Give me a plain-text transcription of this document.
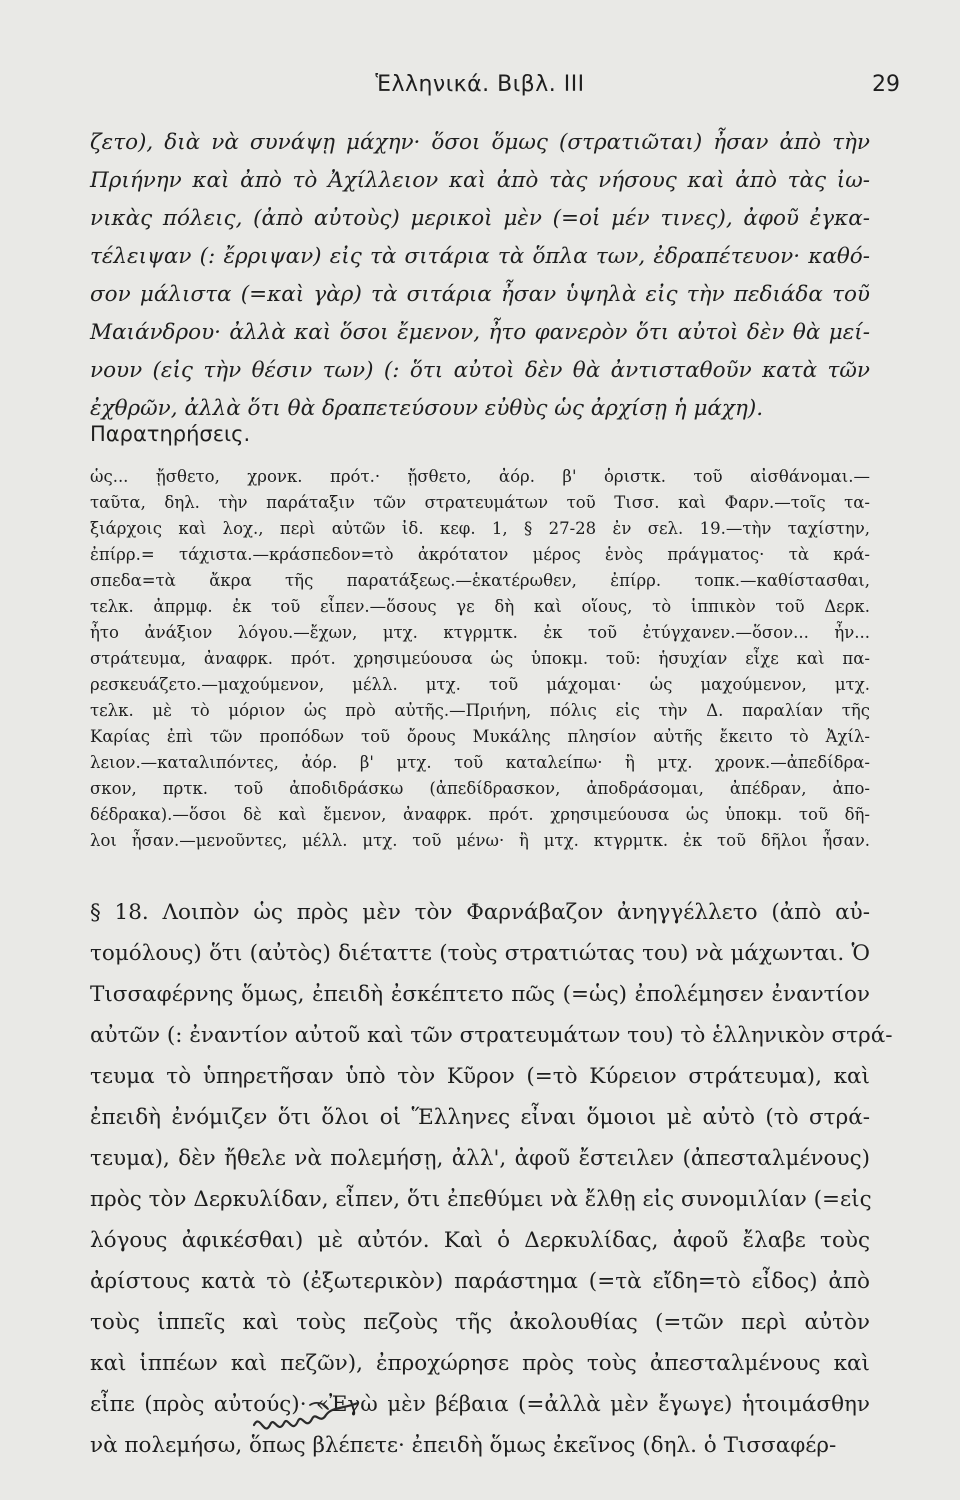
Ἑλληνικά. Βιβλ. ΙΙΙ	29
ζετο), διὰ νὰ συνάψῃ μάχην· ὅσοι ὅμως (στρατιῶται) ἦσαν ἀπὸ τὴν
Πριήνην καὶ ἀπὸ τὸ Ἀχίλλειον καὶ ἀπὸ τὰς νήσους καὶ ἀπὸ τὰς ἰω-
νικὰς πόλεις, (ἀπὸ αὐτοὺς) μερικοὶ μὲν (=οἱ μέν τινες), ἀφοῦ ἐγκα-
τέλειψαν (: ἔρριψαν) εἰς τὰ σιτάρια τὰ ὅπλα των, ἐδραπέτευον· καθό-
σον μάλιστα (=καὶ γὰρ) τὰ σιτάρια ἦσαν ὑψηλὰ εἰς τὴν πεδιάδα τοῦ
Μαιάνδρου· ἀλλὰ καὶ ὅσοι ἔμενον, ἦτο φανερὸν ὅτι αὐτοὶ δὲν θὰ μεί-
νουν (εἰς τὴν θέσιν των) (: ὅτι αὐτοὶ δὲν θὰ ἀντισταθοῦν κατὰ τῶν
ἐχθρῶν, ἀλλὰ ὅτι θὰ δραπετεύσουν εὐθὺς ὡς ἀρχίσῃ ἡ μάχη).
Παρατηρήσεις.
ὡς... ᾔσθετο, χρονκ. πρότ.· ᾔσθετο, ἀόρ. β' ὁριστκ. τοῦ αἰσθάνομαι.—
ταῦτα, δηλ. τὴν παράταξιν τῶν στρατευμάτων τοῦ Τισσ. καὶ Φαρν.—τοῖς τα-
ξιάρχοις καὶ λοχ., περὶ αὐτῶν ἰδ. κεφ. 1, § 27-28 ἐν σελ. 19.—τὴν ταχίστην,
ἐπίρρ.= τάχιστα.—κράσπεδον=τὸ ἀκρότατον μέρος ἑνὸς πράγματος· τὰ κρά-
σπεδα=τὰ ἄκρα τῆς παρατάξεως.—ἑκατέρωθεν, ἐπίρρ. τοπκ.—καθίστασθαι,
τελκ. ἀπρμφ. ἐκ τοῦ εἶπεν.—ὅσους γε δὴ καὶ οἵους, τὸ ἱππικὸν τοῦ Δερκ.
ἦτο ἀνάξιον λόγου.—ἔχων, μτχ. κτγρμτκ. ἐκ τοῦ ἐτύγχανεν.—ὅσον... ἦν...
στράτευμα, ἀναφρκ. πρότ. χρησιμεύουσα ὡς ὑποκμ. τοῦ: ἡσυχίαν εἶχε καὶ πα-
ρεσκευάζετο.—μαχούμενον, μέλλ. μτχ. τοῦ μάχομαι· ὡς μαχούμενον, μτχ.
τελκ. μὲ τὸ μόριον ὡς πρὸ αὐτῆς.—Πριήνη, πόλις εἰς τὴν Δ. παραλίαν τῆς
Καρίας ἐπὶ τῶν προπόδων τοῦ ὄρους Μυκάλης πλησίον αὐτῆς ἔκειτο τὸ Ἀχίλ-
λειον.—καταλιπόντες, ἀόρ. β' μτχ. τοῦ καταλείπω· ἢ μτχ. χρονκ.—ἀπεδίδρα-
σκον, πρτκ. τοῦ ἀποδιδράσκω (ἀπεδίδρασκον, ἀποδράσομαι, ἀπέδραν, ἀπο-
δέδρακα).—ὅσοι δὲ καὶ ἔμενον, ἀναφρκ. πρότ. χρησιμεύουσα ὡς ὑποκμ. τοῦ δῆ-
λοι ἦσαν.—μενοῦντες, μέλλ. μτχ. τοῦ μένω· ἢ μτχ. κτγρμτκ. ἐκ τοῦ δῆλοι ἦσαν.
§ 18. Λοιπὸν ὡς πρὸς μὲν τὸν Φαρνάβαζον ἀνηγγέλλετο (ἀπὸ αὐ-
τομόλους) ὅτι (αὐτὸς) διέταττε (τοὺς στρατιώτας του) νὰ μάχωνται. Ὁ
Τισσαφέρνης ὅμως, ἐπειδὴ ἐσκέπτετο πῶς (=ὡς) ἐπολέμησεν ἐναντίον
αὐτῶν (: ἐναντίον αὐτοῦ καὶ τῶν στρατευμάτων του) τὸ ἑλληνικὸν στρά-
τευμα τὸ ὑπηρετῆσαν ὑπὸ τὸν Κῦρον (=τὸ Κύρειον στράτευμα), καὶ
ἐπειδὴ ἐνόμιζεν ὅτι ὅλοι οἱ Ἕλληνες εἶναι ὅμοιοι μὲ αὐτὸ (τὸ στρά-
τευμα), δὲν ἤθελε νὰ πολεμήσῃ, ἀλλ', ἀφοῦ ἔστειλεν (ἀπεσταλμένους)
πρὸς τὸν Δερκυλίδαν, εἶπεν, ὅτι ἐπεθύμει νὰ ἔλθῃ εἰς συνομιλίαν (=εἰς
λόγους ἀφικέσθαι) μὲ αὐτόν. Καὶ ὁ Δερκυλίδας, ἀφοῦ ἔλαβε τοὺς
ἀρίστους κατὰ τὸ (ἐξωτερικὸν) παράστημα (=τὰ εἴδη=τὸ εἶδος) ἀπὸ
τοὺς ἱππεῖς καὶ τοὺς πεζοὺς τῆς ἀκολουθίας (=τῶν περὶ αὐτὸν
καὶ ἱππέων καὶ πεζῶν), ἐπροχώρησε πρὸς τοὺς ἀπεσταλμένους καὶ
εἶπε (πρὸς αὐτούς)· «Ἐγὼ μὲν βέβαια (=ἀλλὰ μὲν ἔγωγε) ἡτοιμάσθην
νὰ πολεμήσω, ὅπως βλέπετε· ἐπειδὴ ὅμως ἐκεῖνος (δηλ. ὁ Τισσαφέρ-
